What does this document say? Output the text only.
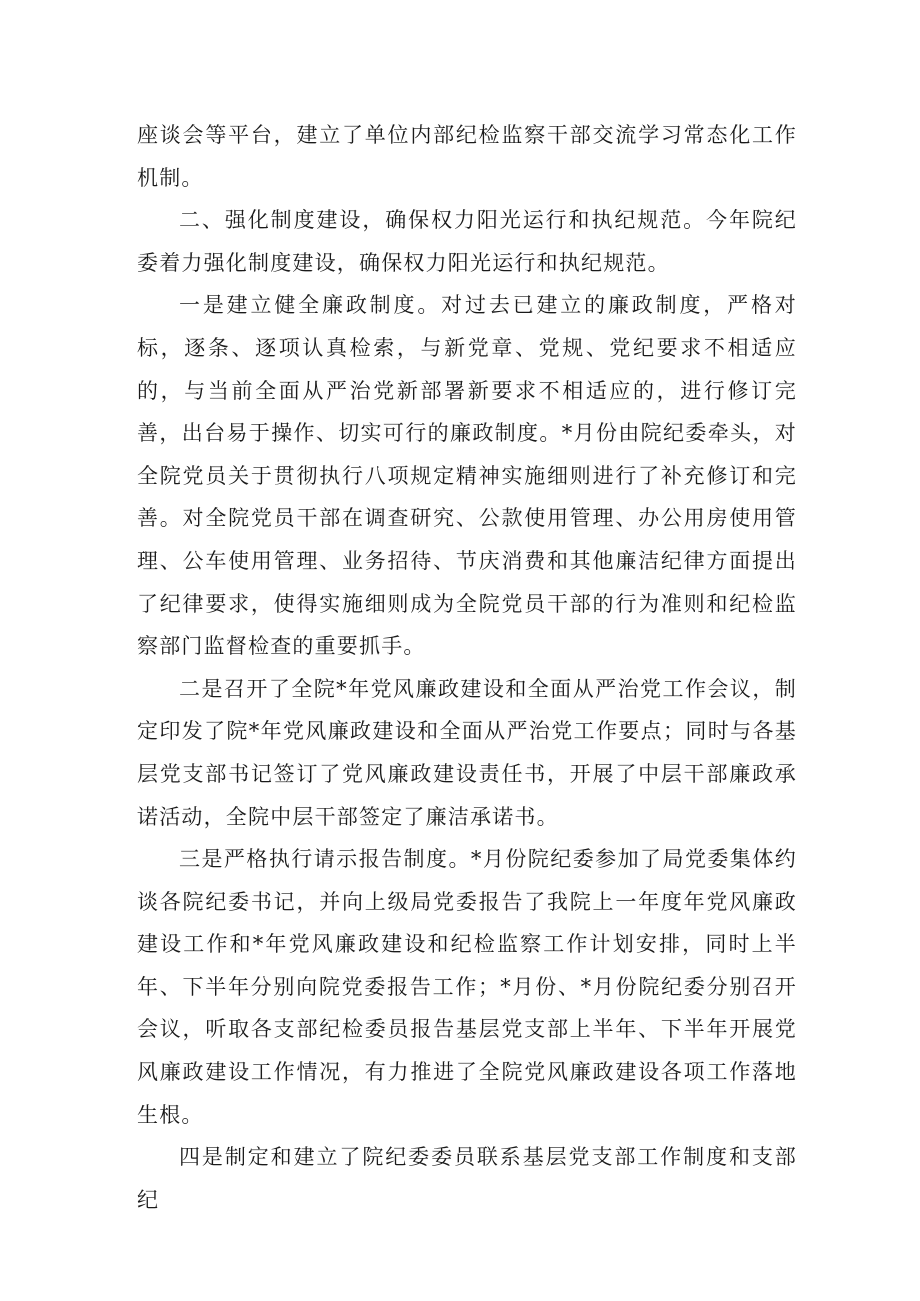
座谈会等平台，建立了单位内部纪检监察干部交流学习常态化工作机制。

二、强化制度建设，确保权力阳光运行和执纪规范。今年院纪委着力强化制度建设，确保权力阳光运行和执纪规范。

一是建立健全廉政制度。对过去已建立的廉政制度，严格对标，逐条、逐项认真检索，与新党章、党规、党纪要求不相适应的，与当前全面从严治党新部署新要求不相适应的，进行修订完善，出台易于操作、切实可行的廉政制度。*月份由院纪委牵头，对全院党员关于贯彻执行八项规定精神实施细则进行了补充修订和完善。对全院党员干部在调查研究、公款使用管理、办公用房使用管理、公车使用管理、业务招待、节庆消费和其他廉洁纪律方面提出了纪律要求，使得实施细则成为全院党员干部的行为准则和纪检监察部门监督检查的重要抓手。

二是召开了全院*年党风廉政建设和全面从严治党工作会议，制定印发了院*年党风廉政建设和全面从严治党工作要点；同时与各基层党支部书记签订了党风廉政建设责任书，开展了中层干部廉政承诺活动，全院中层干部签定了廉洁承诺书。

三是严格执行请示报告制度。*月份院纪委参加了局党委集体约谈各院纪委书记，并向上级局党委报告了我院上一年度年党风廉政建设工作和*年党风廉政建设和纪检监察工作计划安排，同时上半年、下半年分别向院党委报告工作；*月份、*月份院纪委分别召开会议，听取各支部纪检委员报告基层党支部上半年、下半年开展党风廉政建设工作情况，有力推进了全院党风廉政建设各项工作落地生根。

四是制定和建立了院纪委委员联系基层党支部工作制度和支部纪
